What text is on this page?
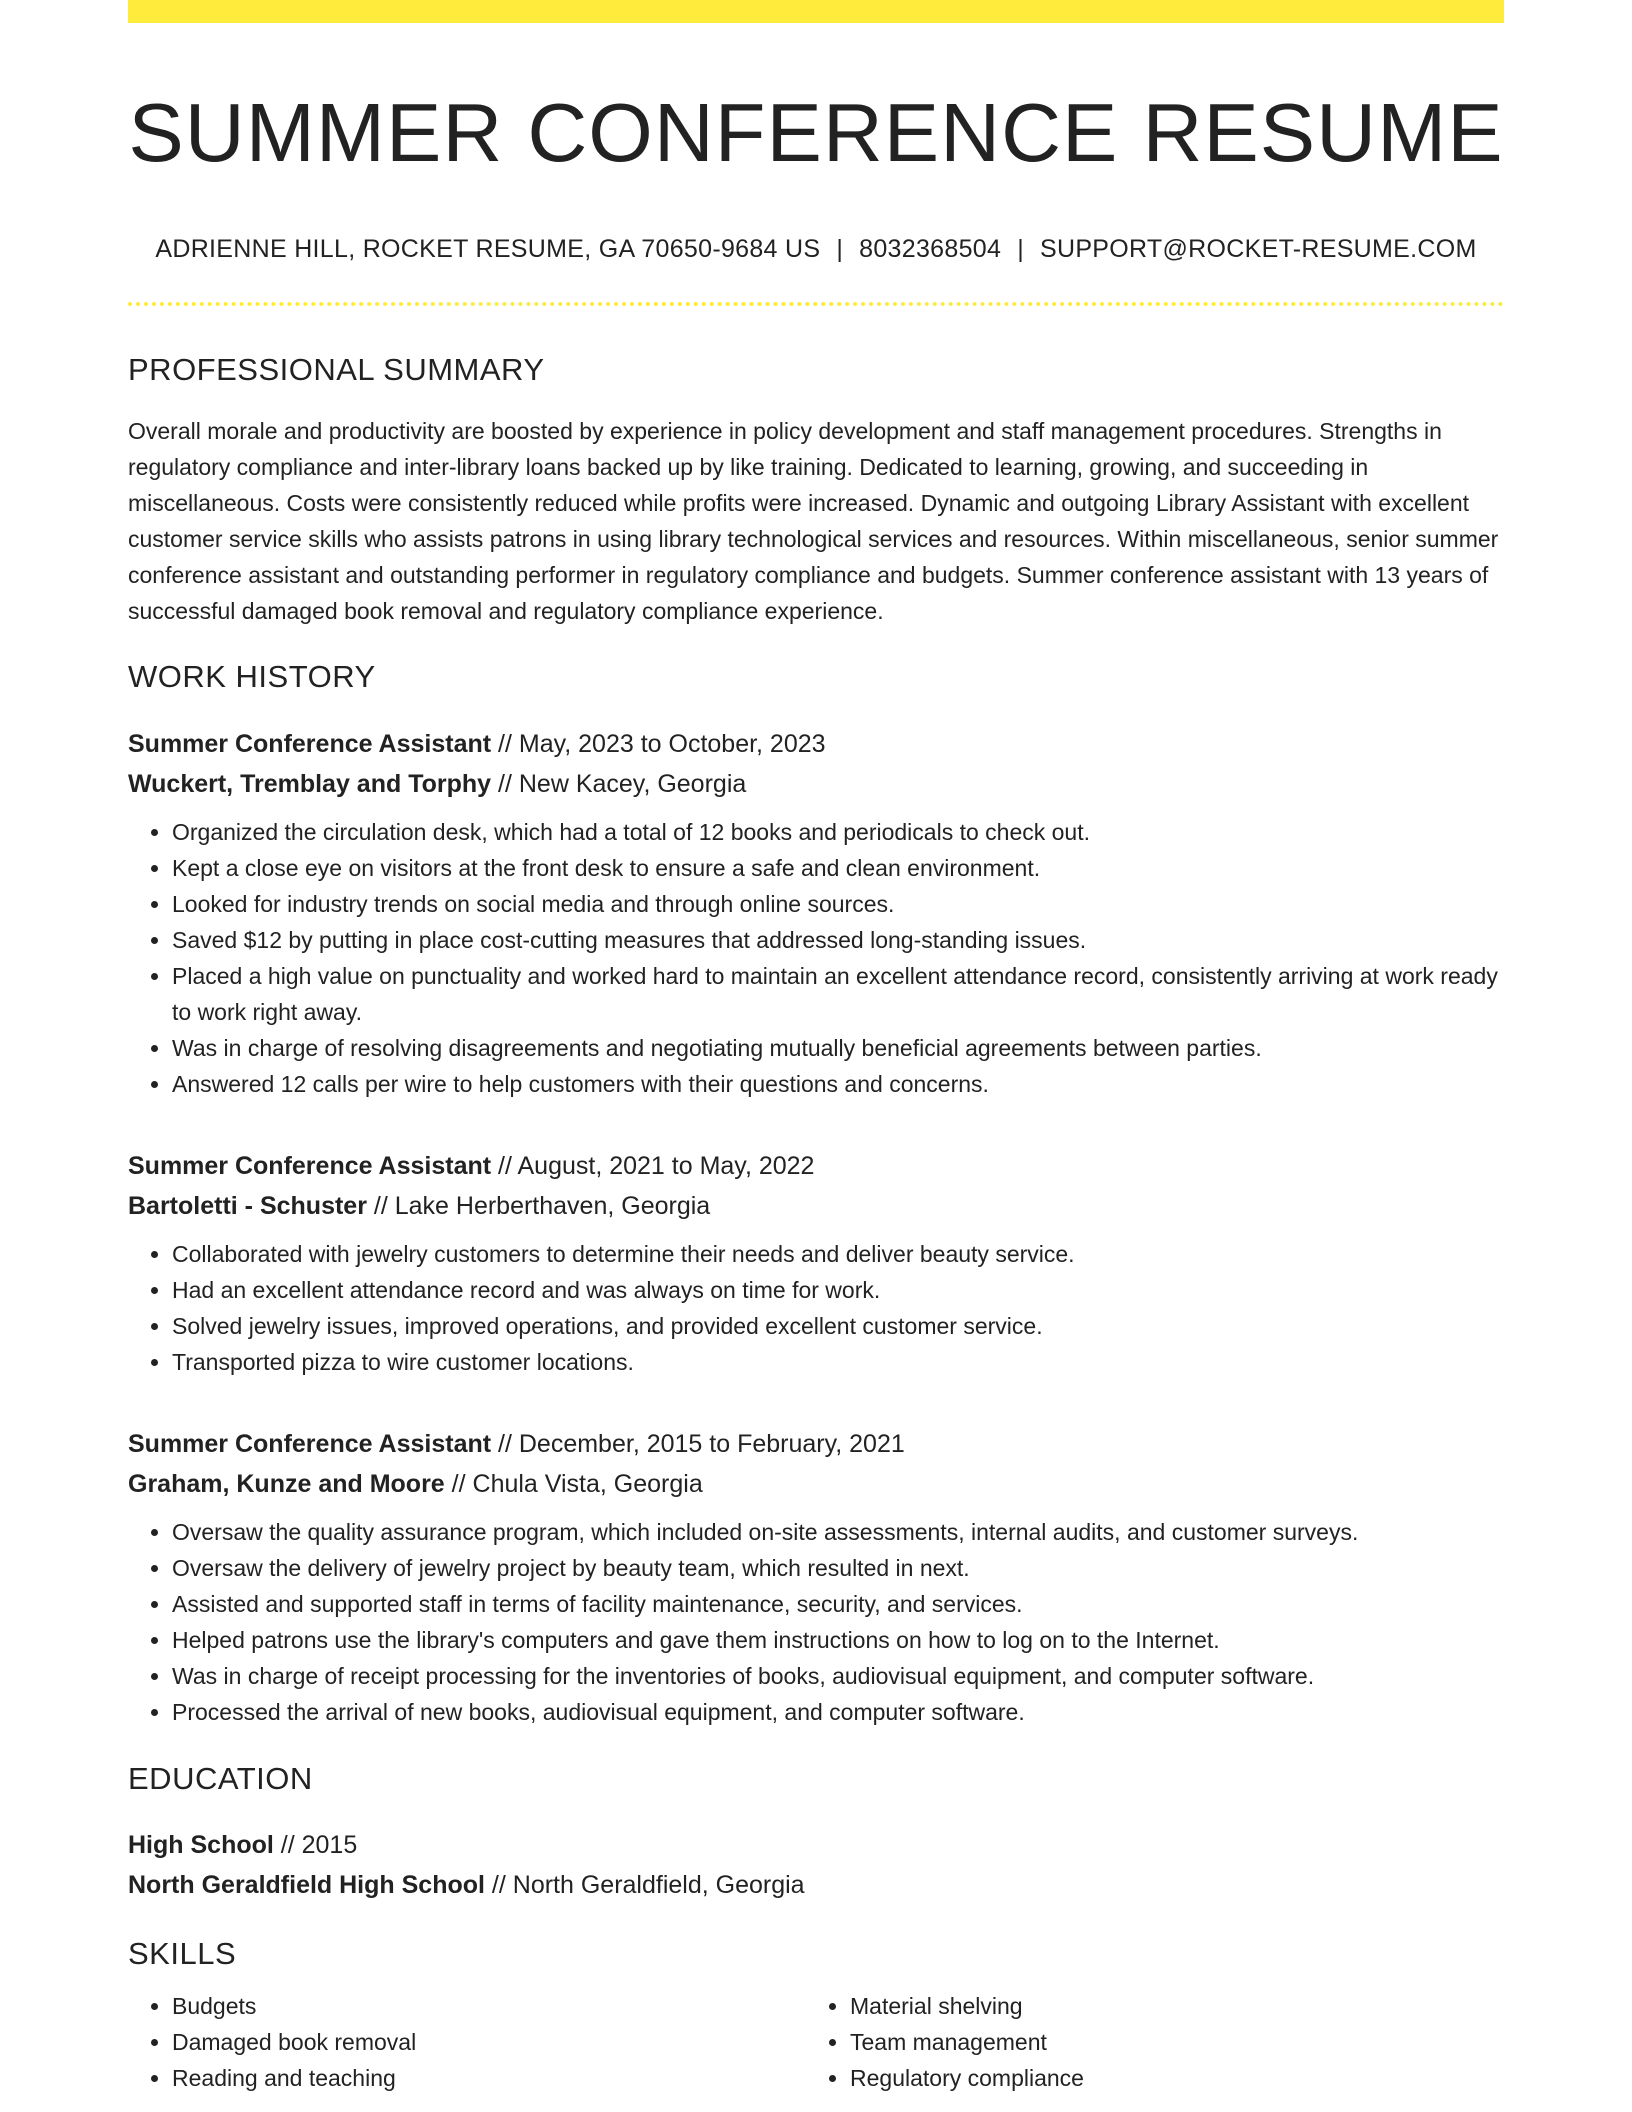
SUMMER CONFERENCE RESUME
ADRIENNE HILL, ROCKET RESUME, GA 70650-9684 US | 8032368504 | SUPPORT@ROCKET-RESUME.COM
PROFESSIONAL SUMMARY

Overall morale and productivity are boosted by experience in policy development and staff management procedures. Strengths in regulatory compliance and inter-library loans backed up by like training. Dedicated to learning, growing, and succeeding in miscellaneous. Costs were consistently reduced while profits were increased. Dynamic and outgoing Library Assistant with excellent customer service skills who assists patrons in using library technological services and resources. Within miscellaneous, senior summer conference assistant and outstanding performer in regulatory compliance and budgets. Summer conference assistant with 13 years of successful damaged book removal and regulatory compliance experience.

WORK HISTORY
Summer Conference Assistant // May, 2023 to October, 2023
Wuckert, Tremblay and Torphy // New Kacey, Georgia
• Organized the circulation desk, which had a total of 12 books and periodicals to check out.
• Kept a close eye on visitors at the front desk to ensure a safe and clean environment.
• Looked for industry trends on social media and through online sources.
• Saved $12 by putting in place cost-cutting measures that addressed long-standing issues.
• Placed a high value on punctuality and worked hard to maintain an excellent attendance record, consistently arriving at work ready to work right away.
• Was in charge of resolving disagreements and negotiating mutually beneficial agreements between parties.
• Answered 12 calls per wire to help customers with their questions and concerns.
Summer Conference Assistant // August, 2021 to May, 2022
Bartoletti - Schuster // Lake Herberthaven, Georgia
• Collaborated with jewelry customers to determine their needs and deliver beauty service.
• Had an excellent attendance record and was always on time for work.
• Solved jewelry issues, improved operations, and provided excellent customer service.
• Transported pizza to wire customer locations.
Summer Conference Assistant // December, 2015 to February, 2021
Graham, Kunze and Moore // Chula Vista, Georgia
• Oversaw the quality assurance program, which included on-site assessments, internal audits, and customer surveys.
• Oversaw the delivery of jewelry project by beauty team, which resulted in next.
• Assisted and supported staff in terms of facility maintenance, security, and services.
• Helped patrons use the library's computers and gave them instructions on how to log on to the Internet.
• Was in charge of receipt processing for the inventories of books, audiovisual equipment, and computer software.
• Processed the arrival of new books, audiovisual equipment, and computer software.
EDUCATION
High School // 2015
North Geraldfield High School // North Geraldfield, Georgia
SKILLS
• Budgets
• Damaged book removal
• Reading and teaching
• Material shelving
• Team management
• Regulatory compliance
